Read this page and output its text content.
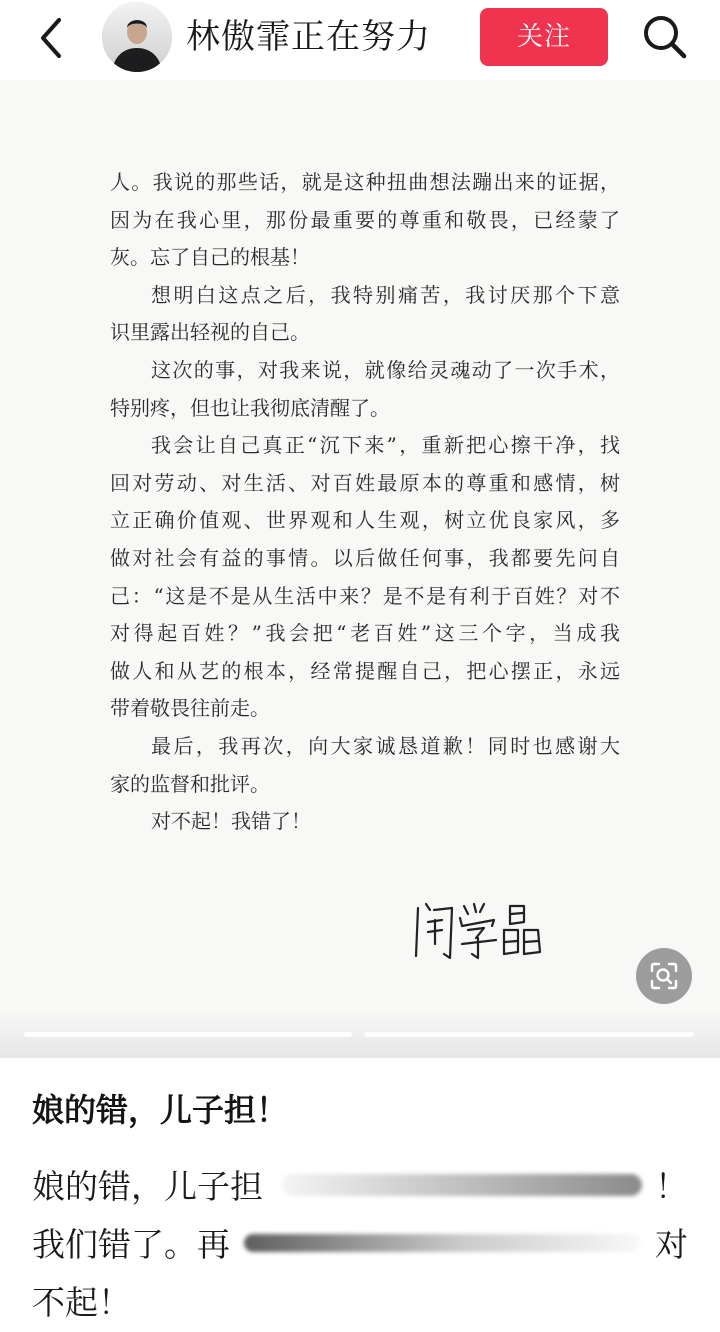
林傲霏正在努力	关注
人。我说的那些话，就是这种扭曲想法蹦出来的证据，
因为在我心里，那份最重要的尊重和敬畏，已经蒙了
灰。忘了自己的根基！
想明白这点之后，我特别痛苦，我讨厌那个下意
识里露出轻视的自己。
这次的事，对我来说，就像给灵魂动了一次手术，
特别疼，但也让我彻底清醒了。
我会让自己真正“沉下来”，重新把心擦干净，找
回对劳动、对生活、对百姓最原本的尊重和感情，树
立正确价值观、世界观和人生观，树立优良家风，多
做对社会有益的事情。以后做任何事，我都要先问自
己：“这是不是从生活中来？是不是有利于百姓？对不
对得起百姓？”我会把“老百姓”这三个字，当成我
做人和从艺的根本，经常提醒自己，把心摆正，永远
带着敬畏往前走。
最后，我再次，向大家诚恳道歉！同时也感谢大
家的监督和批评。
对不起！我错了！
娘的错，儿子担！
娘的错，儿子担	！
我们错了。再	对
不起！
